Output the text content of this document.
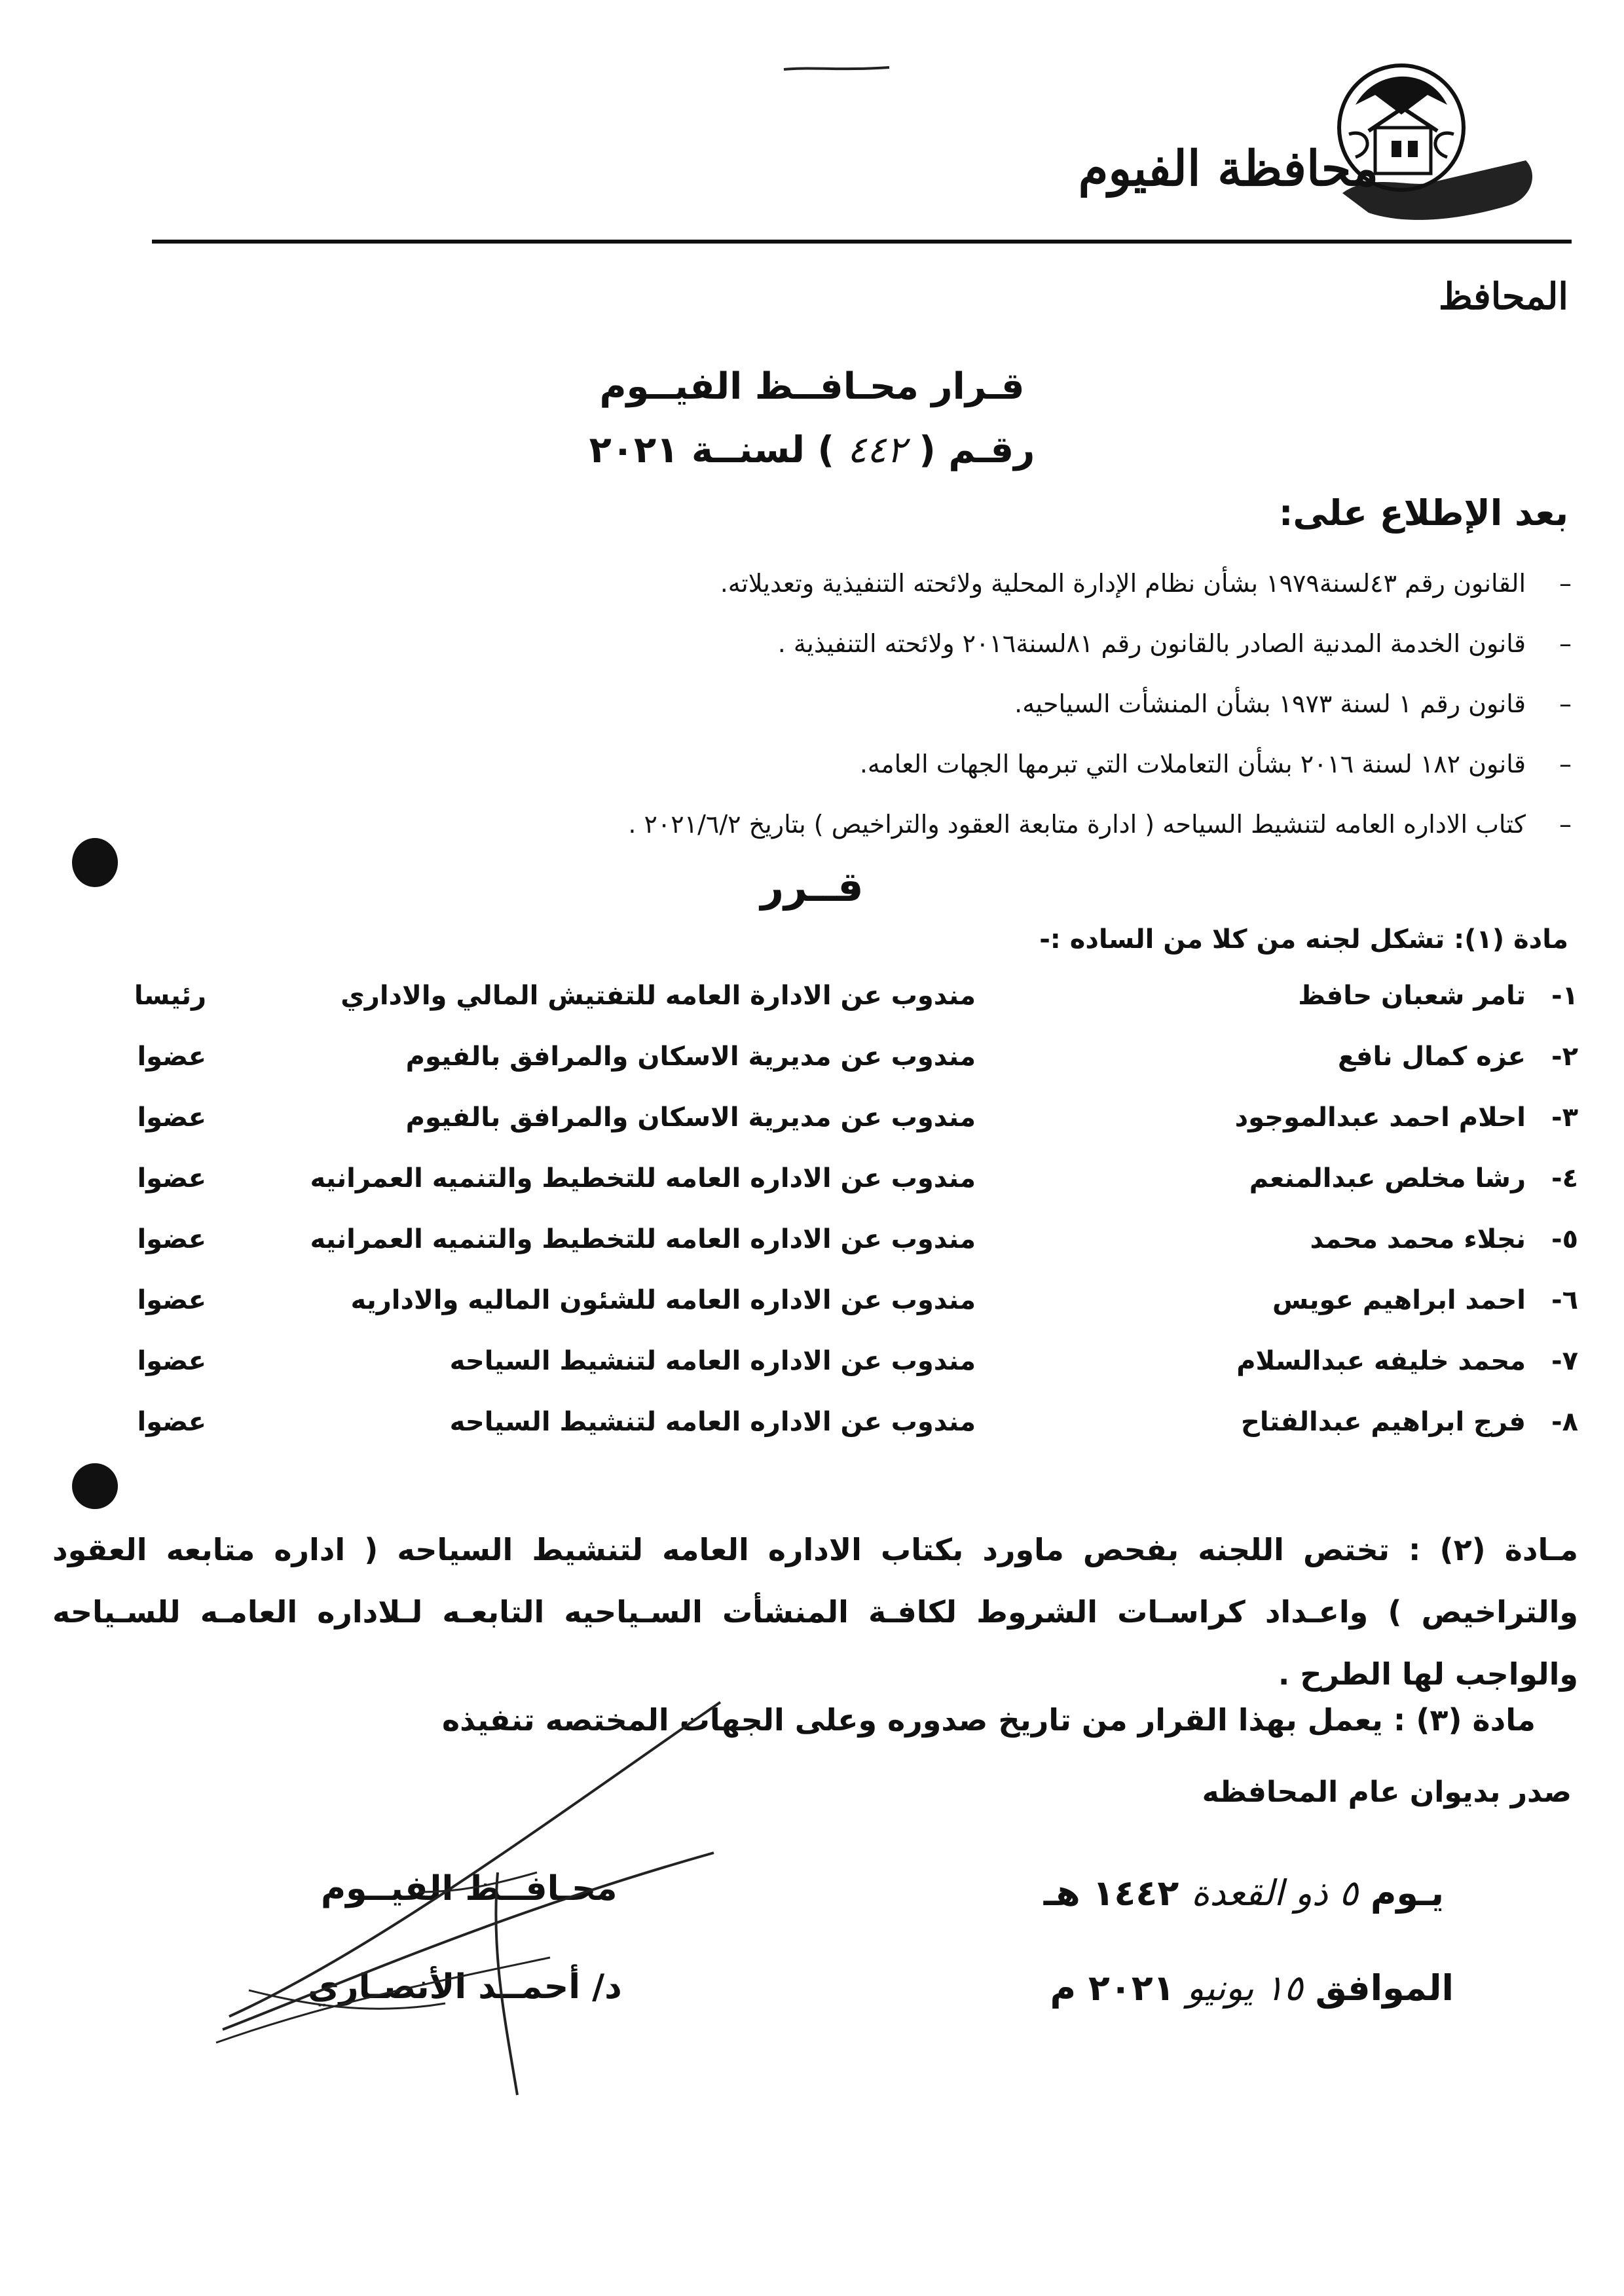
محافظة الفيوم
المحافظ
قـرار محـافــظ الفيــوم
رقـم ( ٤٤٢ ) لسنــة ٢٠٢١
بعد الإطلاع على:
–القانون رقم ٤٣لسنة١٩٧٩ بشأن نظام الإدارة المحلية ولائحته التنفيذية وتعديلاته.
–قانون الخدمة المدنية الصادر بالقانون رقم ٨١لسنة٢٠١٦ ولائحته التنفيذية .
–قانون رقم ١ لسنة ١٩٧٣ بشأن المنشأت السياحيه.
–قانون ١٨٢ لسنة ٢٠١٦ بشأن التعاملات التي تبرمها الجهات العامه.
–كتاب الاداره العامه لتنشيط السياحه ( ادارة متابعة العقود والتراخيص ) بتاريخ ٢٠٢١/٦/٢ .
قــرر
مادة (١): تشكل لجنه من كلا من الساده :-
١-
تامر شعبان حافظ
مندوب عن الادارة العامه للتفتيش المالي والاداري
رئيسا
٢-
عزه كمال نافع
مندوب عن مديرية الاسكان والمرافق بالفيوم
عضوا
٣-
احلام احمد عبدالموجود
مندوب عن مديرية الاسكان والمرافق بالفيوم
عضوا
٤-
رشا مخلص عبدالمنعم
مندوب عن الاداره العامه للتخطيط والتنميه العمرانيه
عضوا
٥-
نجلاء محمد محمد
مندوب عن الاداره العامه للتخطيط والتنميه العمرانيه
عضوا
٦-
احمد ابراهيم عويس
مندوب عن الاداره العامه للشئون الماليه والاداريه
عضوا
٧-
محمد خليفه عبدالسلام
مندوب عن الاداره العامه لتنشيط السياحه
عضوا
٨-
فرج ابراهيم عبدالفتاح
مندوب عن الاداره العامه لتنشيط السياحه
عضوا
مـادة (٢) : تختص اللجنه بفحص ماورد بكتاب الاداره العامه لتنشيط السياحه ( اداره متابعه العقود والتراخيص ) واعـداد كراسـات الشروط لكافـة المنشأت السـياحيه التابعـه لـلاداره العامـه للسـياحه والواجب لها الطرح .
مادة (٣) : يعمل بهذا القرار من تاريخ صدوره وعلى الجهات المختصه تنفيذه
صدر بديوان عام المحافظه
يـوم ٥ ذو القعدة ١٤٤٢ هـ
الموافق ١٥ يونيو ٢٠٢١ م
محـافــظ الفيــوم
د/ أحمــد الأنصـاري
